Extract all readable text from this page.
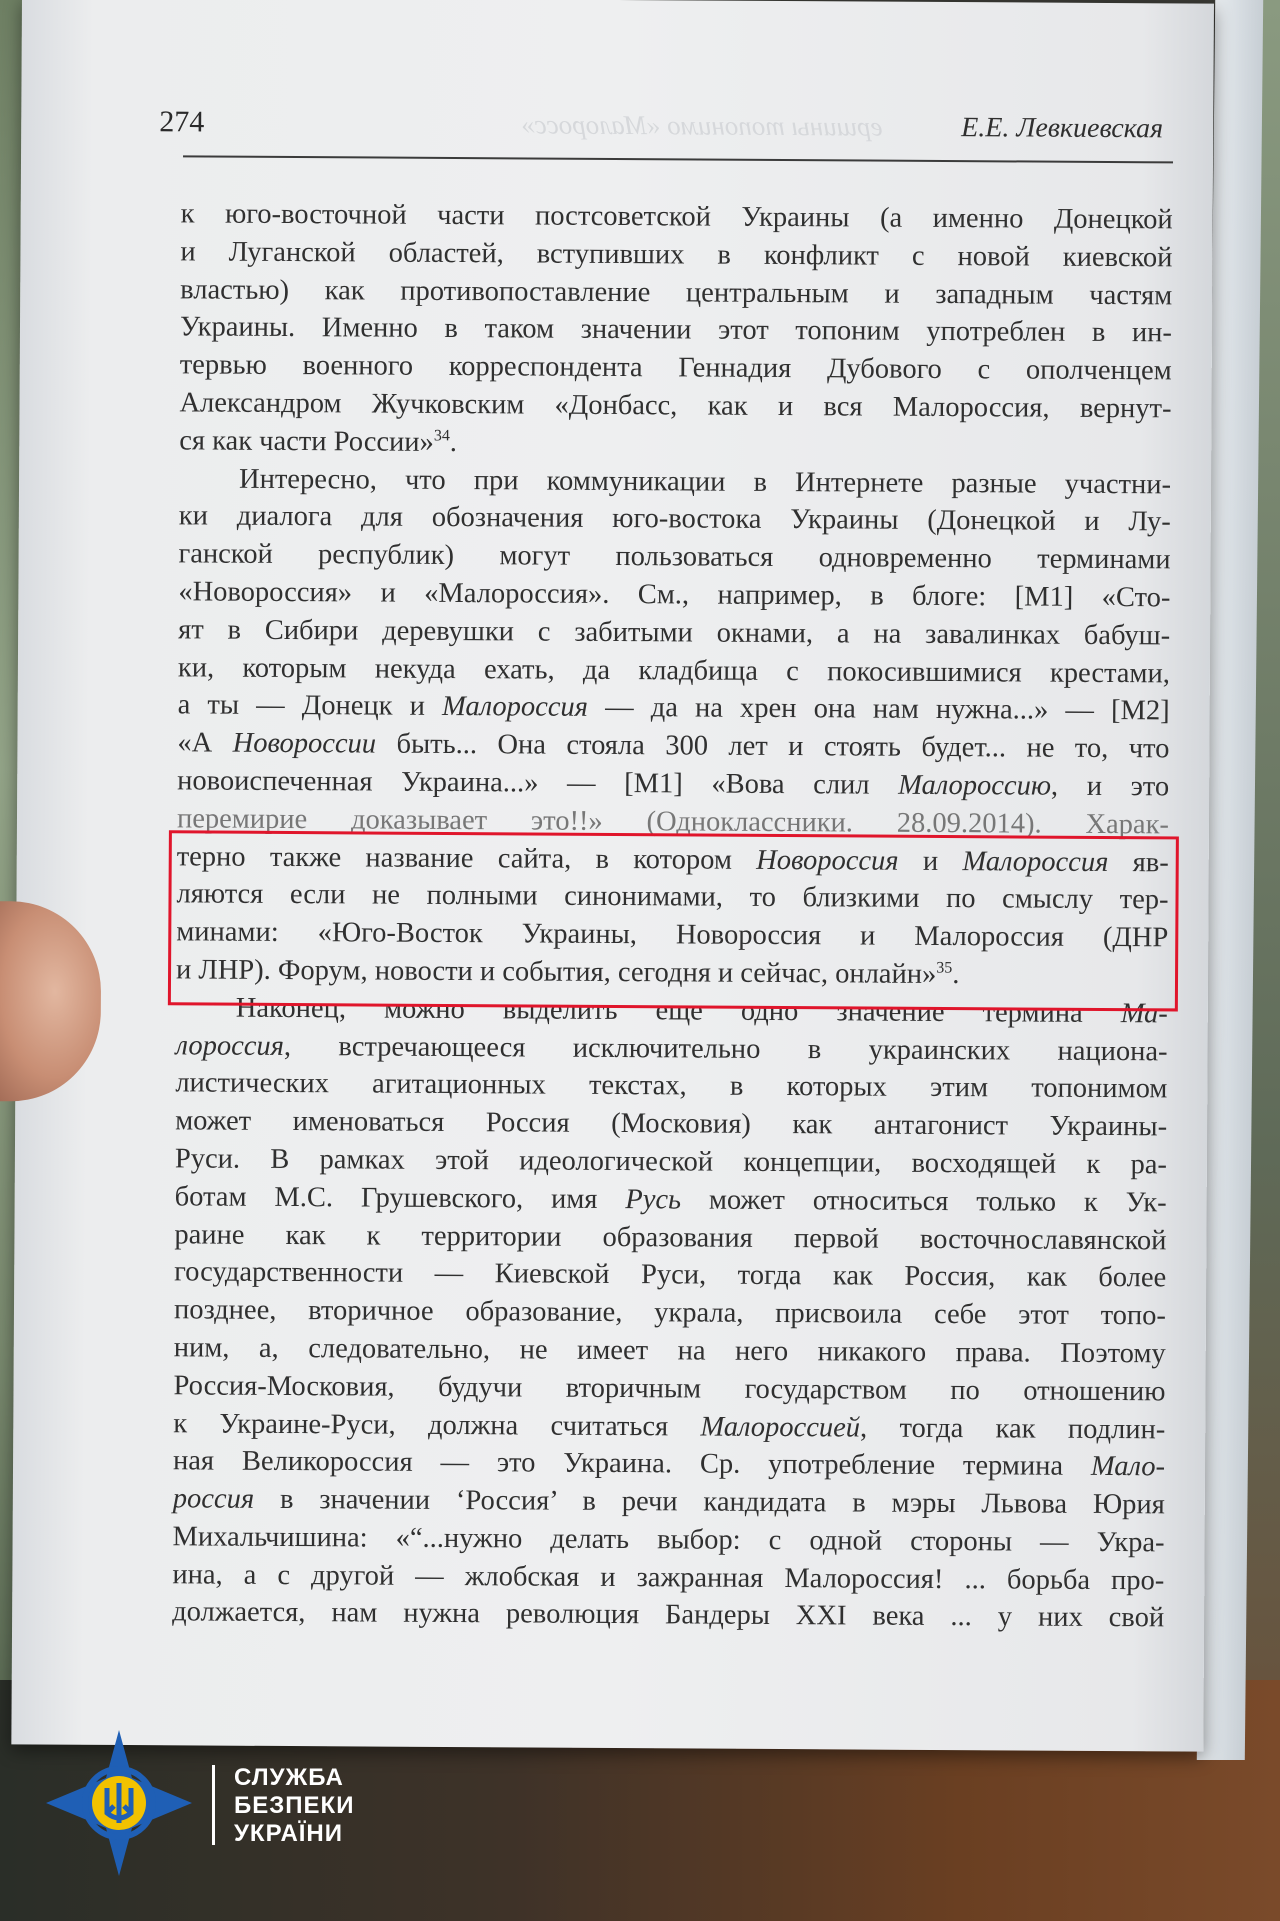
274	ершины топонимо «Малоросс»	Е.Е. Левкиевская
к юго-восточной части постсоветской Украины (а именно Донецкой
и Луганской областей, вступивших в конфликт с новой киевской
властью) как противопоставление центральным и западным частям
Украины. Именно в таком значении этот топоним употреблен в ин-
тервью военного корреспондента Геннадия Дубового с ополченцем
Александром Жучковским «Донбасс, как и вся Малороссия, вернут-
ся как части России»$^{34}$.
Интересно, что при коммуникации в Интернете разные участни-
ки диалога для обозначения юго-востока Украины (Донецкой и Лу-
ганской республик) могут пользоваться одновременно терминами
«Новороссия» и «Малороссия». См., например, в блоге: [M1] «Сто-
ят в Сибири деревушки с забитыми окнами, а на завалинках бабуш-
ки, которым некуда ехать, да кладбища с покосившимися крестами,
а ты — Донецк и Малороссия — да на хрен она нам нужна...» — [M2]
«А Новороссии быть... Она стояла 300 лет и стоять будет... не то, что
новоиспеченная Украина...» — [M1] «Вова слил Малороссию, и это
перемирие доказывает это!!» (Одноклассники. 28.09.2014). Харак-
терно также название сайта, в котором Новороссия и Малороссия яв-
ляются если не полными синонимами, то близкими по смыслу тер-
минами: «Юго-Восток Украины, Новороссия и Малороссия (ДНР
и ЛНР). Форум, новости и события, сегодня и сейчас, онлайн»$^{35}$.
Наконец, можно выделить еще одно значение термина Ма-
лороссия, встречающееся исключительно в украинских национа-
листических агитационных текстах, в которых этим топонимом
может именоваться Россия (Московия) как антагонист Украины-
Руси. В рамках этой идеологической концепции, восходящей к ра-
ботам М.С. Грушевского, имя Русь может относиться только к Ук-
раине как к территории образования первой восточнославянской
государственности — Киевской Руси, тогда как Россия, как более
позднее, вторичное образование, украла, присвоила себе этот топо-
ним, а, следовательно, не имеет на него никакого права. Поэтому
Россия-Московия, будучи вторичным государством по отношению
к Украине-Руси, должна считаться Малороссией, тогда как подлин-
ная Великороссия — это Украина. Ср. употребление термина Мало-
россия в значении ‘Россия’ в речи кандидата в мэры Львова Юрия
Михальчишина: «“...нужно делать выбор: с одной стороны — Укра-
ина, а с другой — жлобская и зажранная Малороссия! ... борьба про-
должается, нам нужна революция Бандеры XXI века ... у них свой
СЛУЖБА
БЕЗПЕКИ
УКРАЇНИ
